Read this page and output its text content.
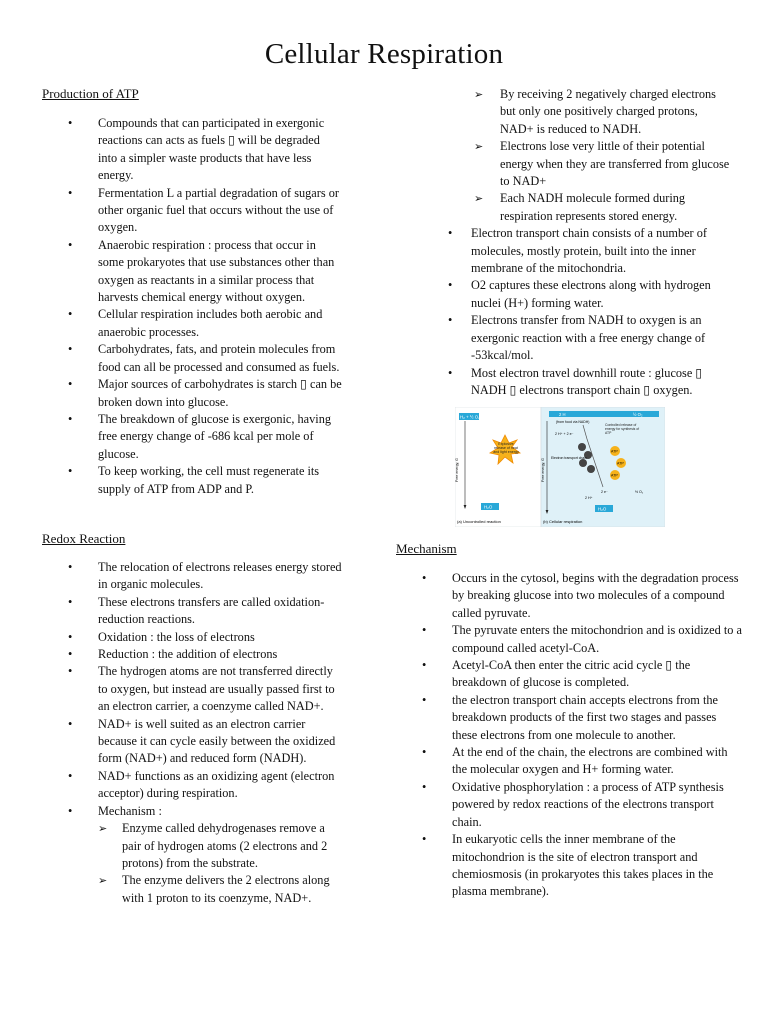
Cellular Respiration
Production of ATP
• Compounds that can participated in exergonic reactions can acts as fuels ▯ will be degraded into a simpler waste products that have less energy.
• Fermentation L a partial degradation of sugars or other organic fuel that occurs without the use of oxygen.
• Anaerobic respiration : process that occur in some prokaryotes that use substances other than oxygen as reactants in a similar process that harvests chemical energy without oxygen.
• Cellular respiration includes both aerobic and anaerobic processes.
• Carbohydrates, fats, and protein molecules from food can all be processed and consumed as fuels.
• Major sources of carbohydrates is starch ▯ can be broken down into glucose.
• The breakdown of glucose is exergonic, having free energy change of -686 kcal per mole of glucose.
• To keep working, the cell must regenerate its supply of ATP from ADP and P.
Redox Reaction
• The relocation of electrons releases energy stored in organic molecules.
• These electrons transfers are called oxidation-reduction reactions.
• Oxidation : the loss of electrons
• Reduction : the addition of electrons
• The hydrogen atoms are not transferred directly to oxygen, but instead are usually passed first to an electron carrier, a coenzyme called NAD+.
• NAD+ is well suited as an electron carrier because it can cycle easily between the oxidized form (NAD+) and reduced form (NADH).
• NAD+ functions as an oxidizing agent (electron acceptor) during respiration.
• Mechanism :
➢ Enzyme called dehydrogenases remove a pair of hydrogen atoms (2 electrons and 2 protons) from the substrate.
➢ The enzyme delivers the 2 electrons along with 1 proton to its coenzyme, NAD+.
➢ By receiving 2 negatively charged electrons but only one positively charged protons, NAD+ is reduced to NADH.
➢ Electrons lose very little of their potential energy when they are transferred from glucose to NAD+
➢ Each NADH molecule formed during respiration represents stored energy.
• Electron transport chain consists of a number of molecules, mostly protein, built into the inner membrane of the mitochondria.
• O2 captures these electrons along with hydrogen nuclei (H+) forming water.
• Electrons transfer from NADH to oxygen is an exergonic reaction with a free energy change of -53kcal/mol.
• Most electron travel downhill route : glucose ▯ NADH ▯ electrons transport chain ▯ oxygen.
H₂ + ½ O₂
Free energy, G
Explosive release of heat and light energy
H₂O
(a) Uncontrolled reaction
2 H	½ O₂
(from food via NADH)
2 H⁺ + 2 e⁻
Free energy, G
Electron transport chain
Controlled release of energy for synthesis of ATP
ATP
ATP
ATP
2 e⁻	½ O₂
2 H⁺
H₂O
(b) Cellular respiration
Mechanism
• Occurs in the cytosol, begins with the degradation process by breaking glucose into two molecules of a compound called pyruvate.
• The pyruvate enters the mitochondrion and is oxidized to a compound called acetyl-CoA.
• Acetyl-CoA then enter the citric acid cycle ▯ the breakdown of glucose is completed.
• the electron transport chain accepts electrons from the breakdown products of the first two stages and passes these electrons from one molecule to another.
• At the end of the chain, the electrons are combined with the molecular oxygen and H+ forming water.
• Oxidative phosphorylation : a process of ATP synthesis powered by redox reactions of the electrons transport chain.
• In eukaryotic cells the inner membrane of the mitochondrion is the site of electron transport and chemiosmosis (in prokaryotes this takes places in the plasma membrane).
